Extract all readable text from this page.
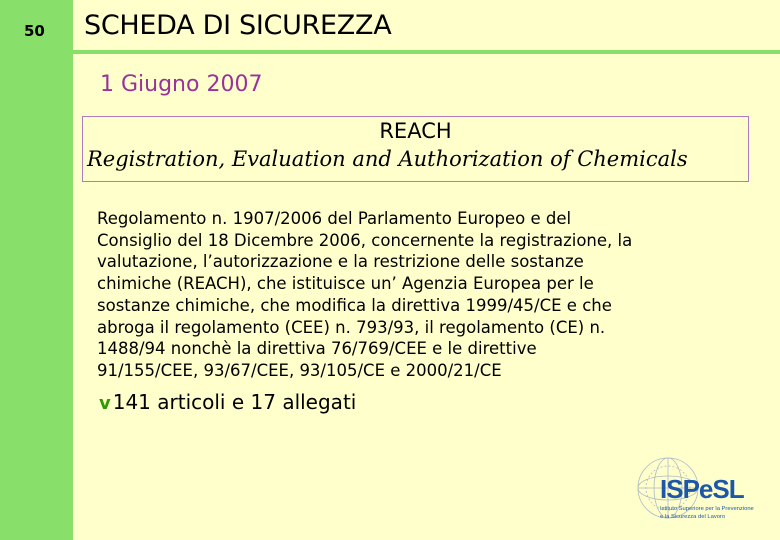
50 SCHEDA DI SICUREZZA
1 Giugno 2007
REACH
Registration, Evaluation and Authorization of Chemicals
Regolamento n. 1907/2006 del Parlamento Europeo e del
Consiglio del 18 Dicembre 2006, concernente la registrazione, la
valutazione, l’autorizzazione e la restrizione delle sostanze
chimiche (REACH), che istituisce un’ Agenzia Europea per le
sostanze chimiche, che modifica la direttiva 1999/45/CE e che
abroga il regolamento (CEE) n. 793/93, il regolamento (CE) n.
1488/94 nonchè la direttiva 76/769/CEE e le direttive
91/155/CEE, 93/67/CEE, 93/105/CE e 2000/21/CE
v 141 articoli e 17 allegati
ISPeSL
Istituto Superiore per la Prevenzione
e la Sicurezza del Lavoro
